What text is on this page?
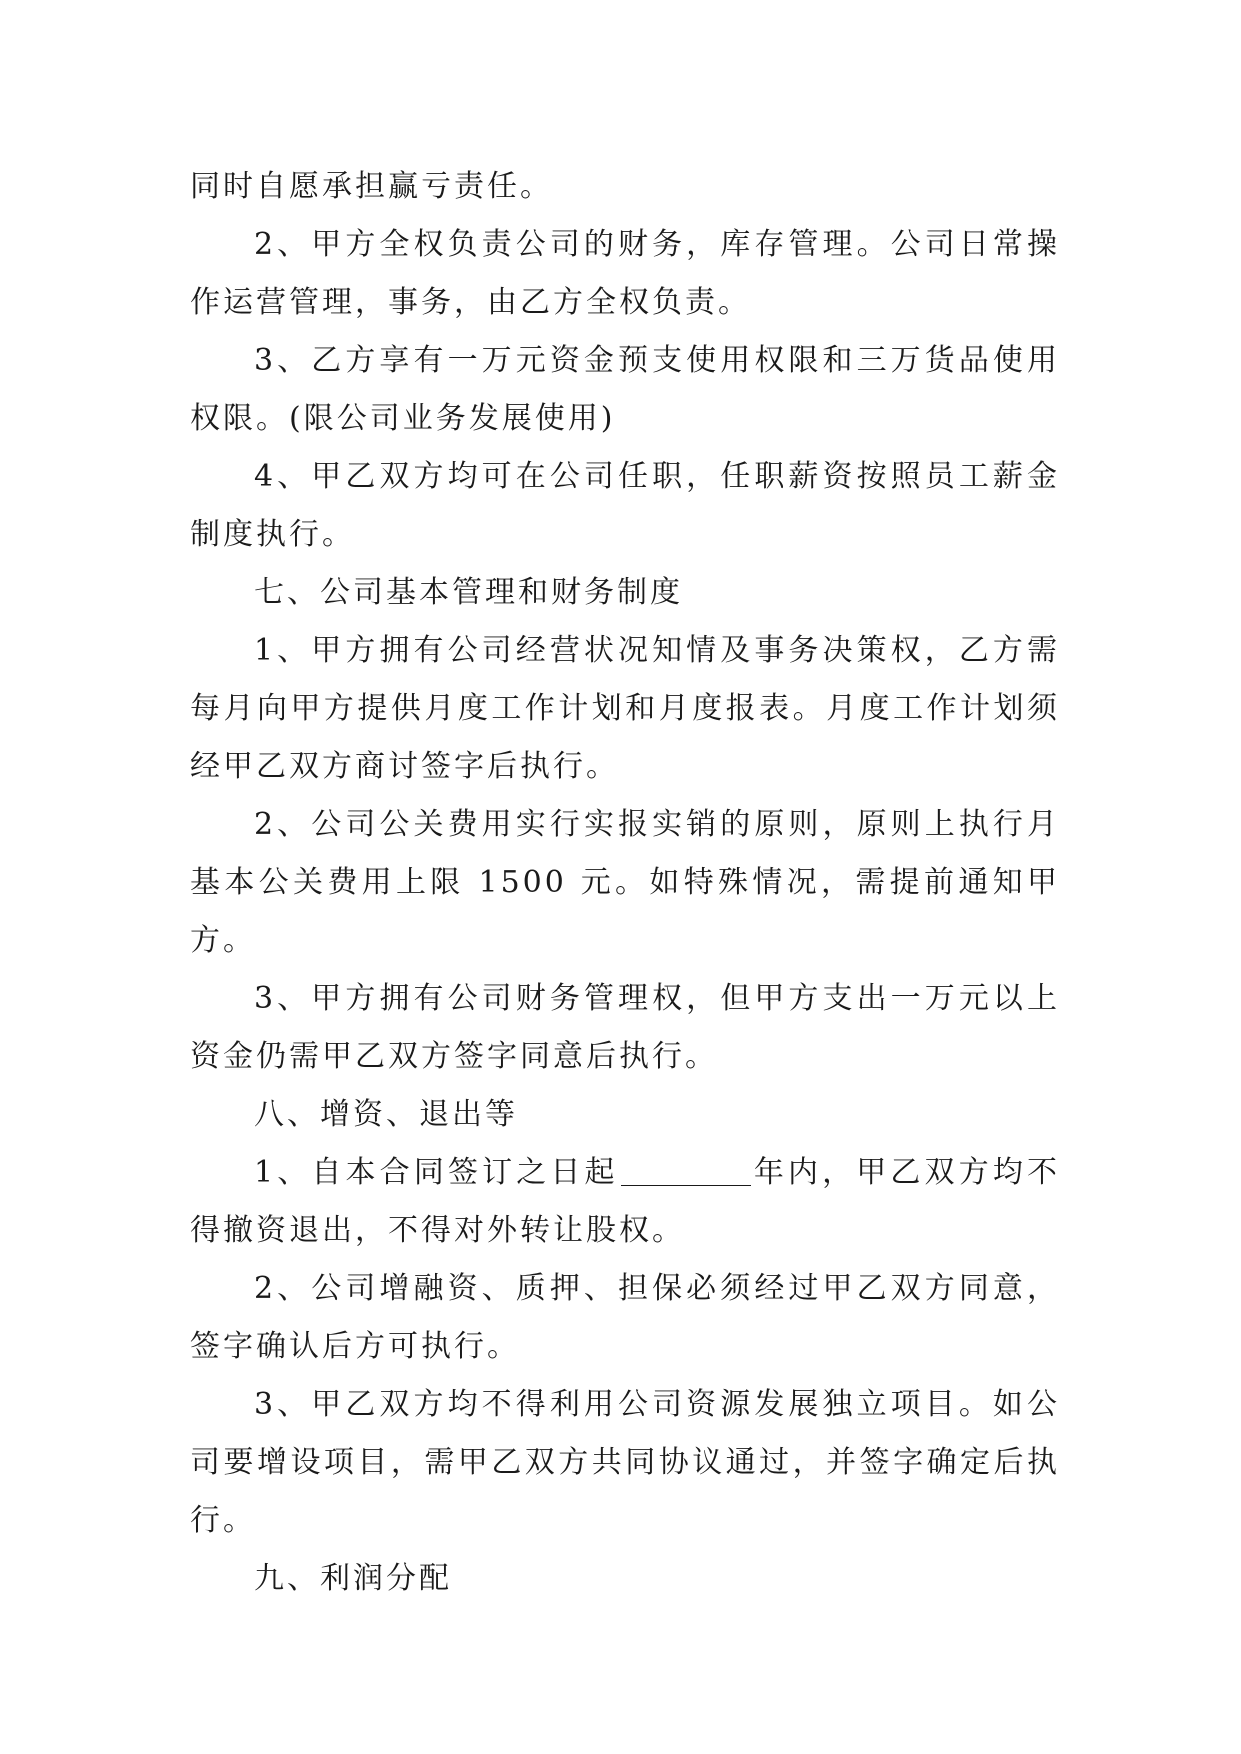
同时自愿承担赢亏责任。

2、甲方全权负责公司的财务，库存管理。公司日常操作运营管理，事务，由乙方全权负责。

3、乙方享有一万元资金预支使用权限和三万货品使用权限。(限公司业务发展使用)

4、甲乙双方均可在公司任职，任职薪资按照员工薪金制度执行。

七、公司基本管理和财务制度

1、甲方拥有公司经营状况知情及事务决策权，乙方需每月向甲方提供月度工作计划和月度报表。月度工作计划须经甲乙双方商讨签字后执行。

2、公司公关费用实行实报实销的原则，原则上执行月基本公关费用上限 1500 元。如特殊情况，需提前通知甲方。

3、甲方拥有公司财务管理权，但甲方支出一万元以上资金仍需甲乙双方签字同意后执行。

八、增资、退出等

1、自本合同签订之日起	年内，甲乙双方均不得撤资退出，不得对外转让股权。

2、公司增融资、质押、担保必须经过甲乙双方同意，签字确认后方可执行。

3、甲乙双方均不得利用公司资源发展独立项目。如公司要增设项目，需甲乙双方共同协议通过，并签字确定后执行。

九、利润分配
